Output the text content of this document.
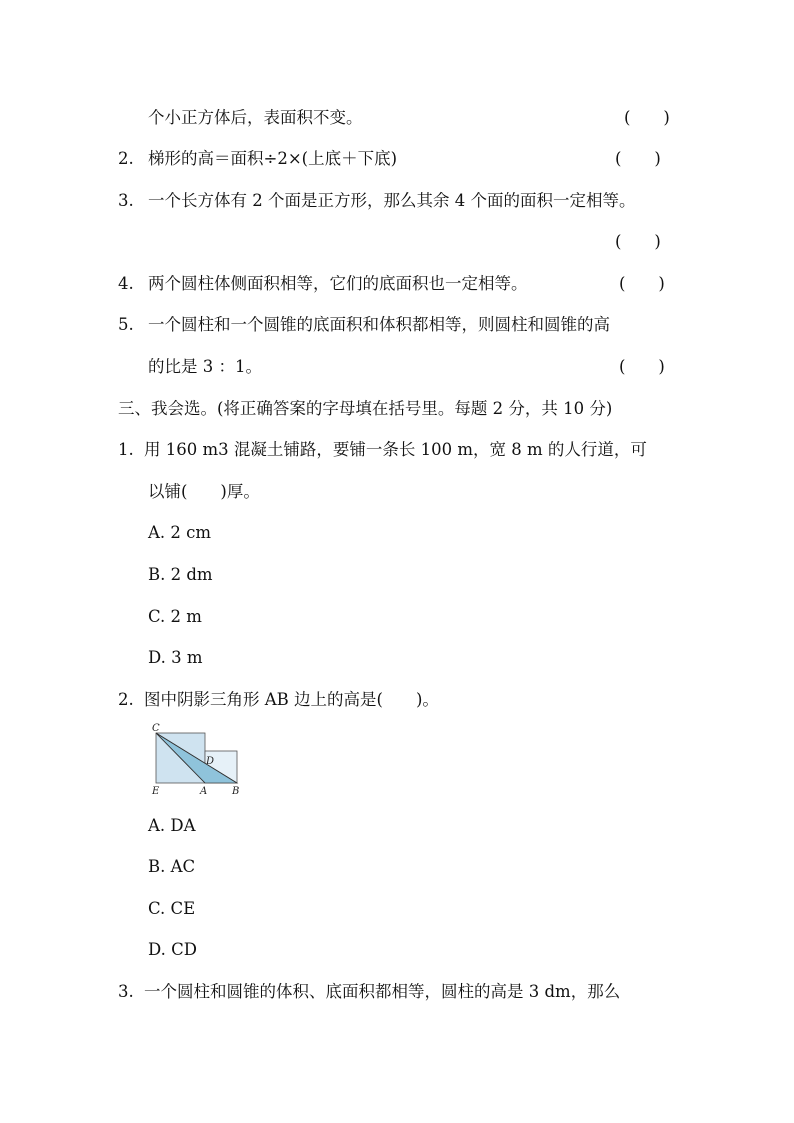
个小正方体后，表面积不变。	(　　)
2. 梯形的高＝面积÷2×(上底＋下底)	(　　)
3. 一个长方体有 2 个面是正方形，那么其余 4 个面的面积一定相等。
(　　)
4. 两个圆柱体侧面积相等，它们的底面积也一定相等。	(　　)
5. 一个圆柱和一个圆锥的底面积和体积都相等，则圆柱和圆锥的高
的比是 3 ：1。	(　　)
三、我会选。(将正确答案的字母填在括号里。每题 2 分，共 10 分)
1. 用 160 m3 混凝土铺路，要铺一条长 100 m，宽 8 m 的人行道，可
以铺(　　)厚。
A. 2 cm
B. 2 dm
C. 2 m
D. 3 m
2. 图中阴影三角形 AB 边上的高是(　　)。
C
D
E	A B
A. DA
B. AC
C. CE
D. CD
3. 一个圆柱和圆锥的体积、底面积都相等，圆柱的高是 3 dm，那么
